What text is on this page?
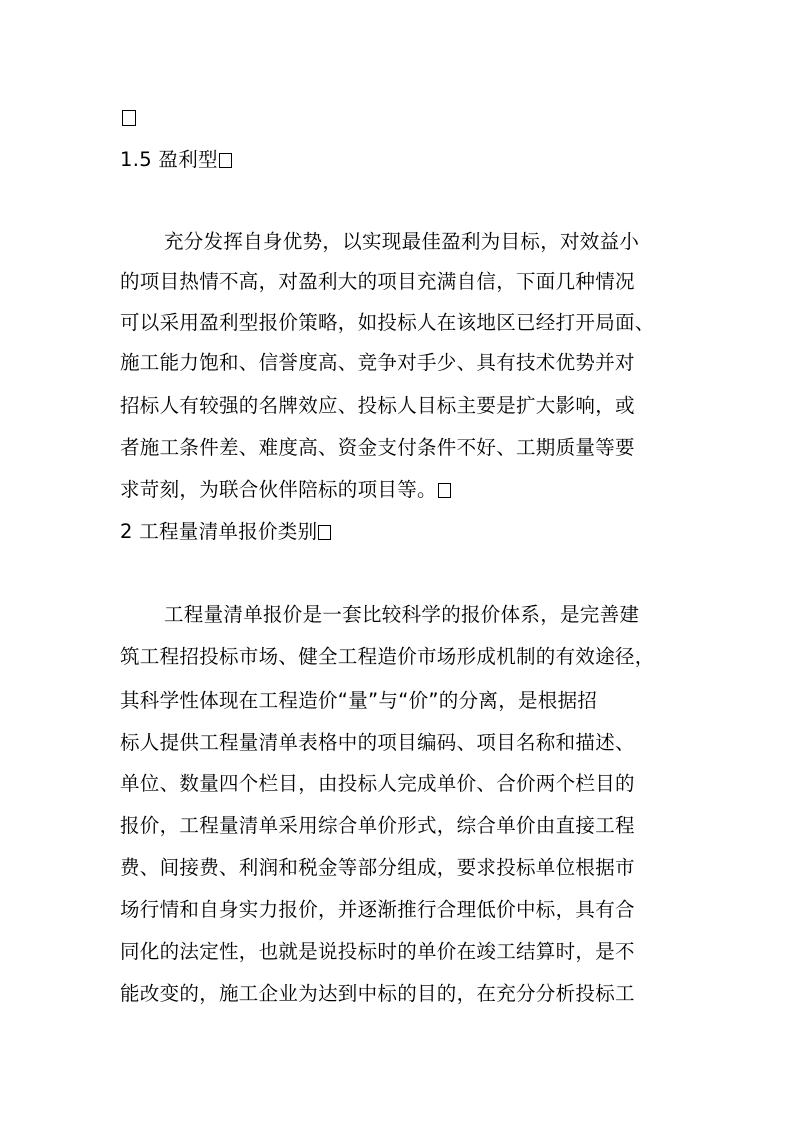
1.5 盈利型
充分发挥自身优势，以实现最佳盈利为目标，对效益小
的项目热情不高，对盈利大的项目充满自信，下面几种情况
可以采用盈利型报价策略，如投标人在该地区已经打开局面、
施工能力饱和、信誉度高、竞争对手少、具有技术优势并对
招标人有较强的名牌效应、投标人目标主要是扩大影响，或
者施工条件差、难度高、资金支付条件不好、工期质量等要
求苛刻，为联合伙伴陪标的项目等。
2 工程量清单报价类别
工程量清单报价是一套比较科学的报价体系，是完善建
筑工程招投标市场、健全工程造价市场形成机制的有效途径，
其科学性体现在工程造价“量”与“价”的分离，是根据招
标人提供工程量清单表格中的项目编码、项目名称和描述、
单位、数量四个栏目，由投标人完成单价、合价两个栏目的
报价，工程量清单采用综合单价形式，综合单价由直接工程
费、间接费、利润和税金等部分组成，要求投标单位根据市
场行情和自身实力报价，并逐渐推行合理低价中标，具有合
同化的法定性，也就是说投标时的单价在竣工结算时，是不
能改变的，施工企业为达到中标的目的，在充分分析投标工
